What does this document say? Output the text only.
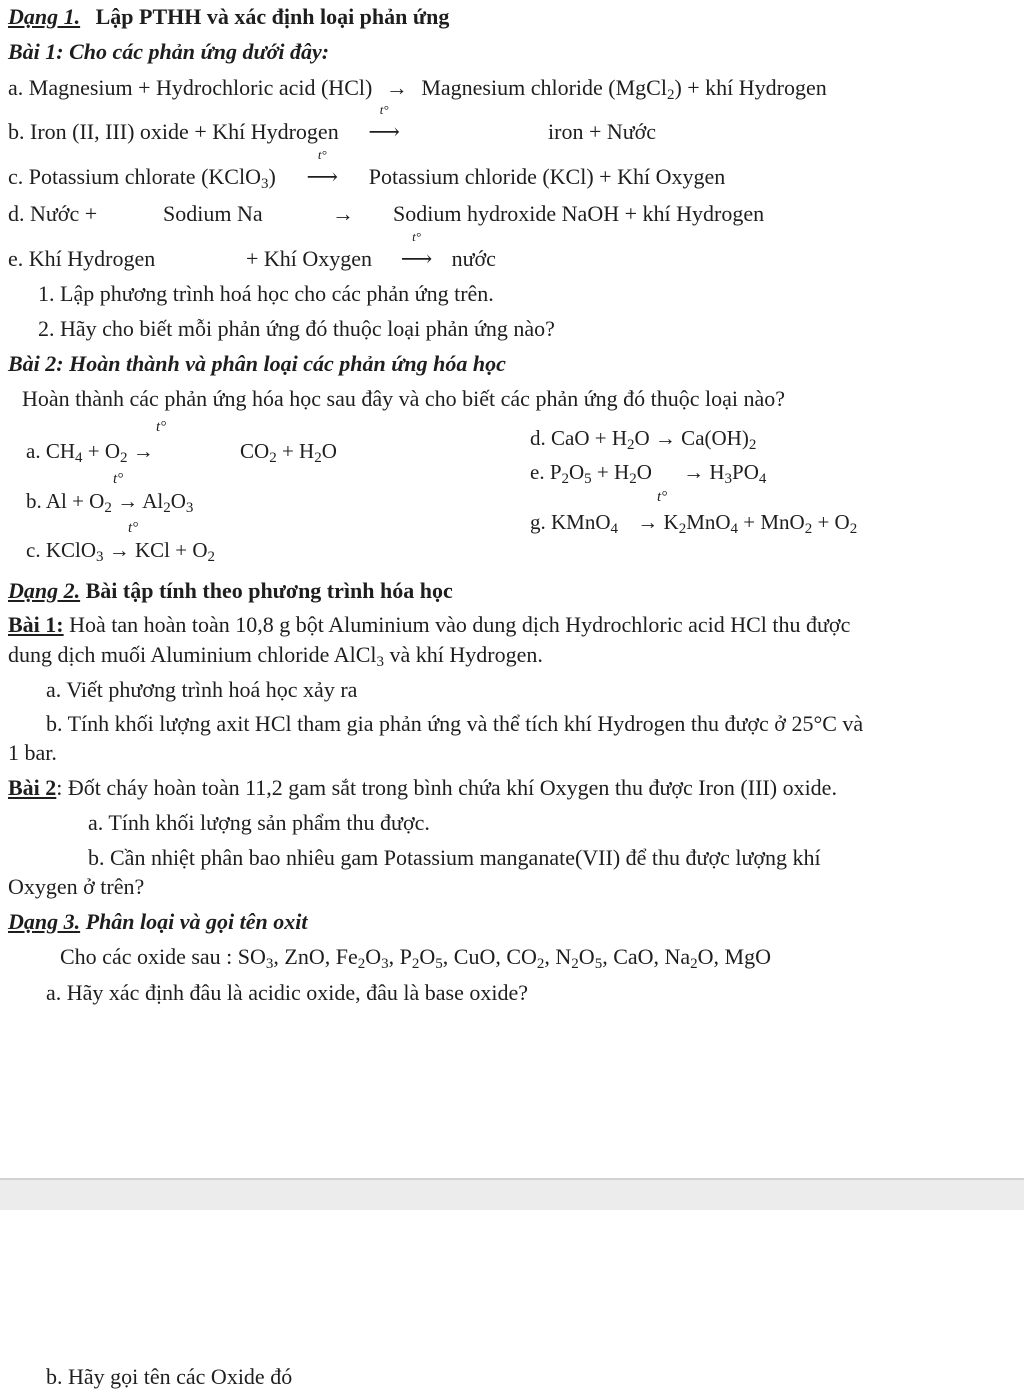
Dạng 1. Lập PTHH và xác định loại phản ứng
Bài 1: Cho các phản ứng dưới đây:
a. Magnesium + Hydrochloric acid (HCl) → Magnesium chloride (MgCl$_2$) + khí Hydrogen
b. Iron (II, III) oxide + Khí Hydrogen
t°
⟶	iron + Nước
c. Potassium chlorate (KClO$_3$)
t°
⟶ Potassium chloride (KCl) + Khí Oxygen
d. Nước +	Sodium Na	→ Sodium hydroxide NaOH + khí Hydrogen
e. Khí Hydrogen	+ Khí Oxygen
t°
⟶ nước
1. Lập phương trình hoá học cho các phản ứng trên.
2. Hãy cho biết mỗi phản ứng đó thuộc loại phản ứng nào?
Bài 2: Hoàn thành và phân loại các phản ứng hóa học
Hoàn thành các phản ứng hóa học sau đây và cho biết các phản ứng đó thuộc loại nào?
a. $CH_4 + O_2$ →
t°
$CO_2 + H_2O$
b. $Al + O_2 \to Al_2O_3$
t°
c. KClO$_3$ → KCl + $O_2$
t°
d. CaO + $H_2O \to Ca(OH)_2$
e. $P_2O_5 + H_2O \to H_3PO_4$
g. KMnO$_4$ → $K_2MnO_4 + MnO_2 + O_2$
t°
Dạng 2. Bài tập tính theo phương trình hóa học
Bài 1: Hoà tan hoàn toàn 10,8 g bột Aluminium vào dung dịch Hydrochloric acid HCl thu được
dung dịch muối Aluminium chloride AlCl$_3$ và khí Hydrogen.
a. Viết phương trình hoá học xảy ra
b. Tính khối lượng axit HCl tham gia phản ứng và thể tích khí Hydrogen thu được ở 25°C và
1 bar.
Bài 2: Đốt cháy hoàn toàn 11,2 gam sắt trong bình chứa khí Oxygen thu được Iron (III) oxide.
a. Tính khối lượng sản phẩm thu được.
b. Cần nhiệt phân bao nhiêu gam Potassium manganate(VII) để thu được lượng khí
Oxygen ở trên?
Dạng 3. Phân loại và gọi tên oxit
Cho các oxide sau : $SO_3$, ZnO, $Fe_2O_3$, $P_2O_5$, CuO, $CO_2$, $N_2O_5$, CaO, $Na_2O$, MgO
a. Hãy xác định đâu là acidic oxide, đâu là base oxide?
b. Hãy gọi tên các Oxide đó
